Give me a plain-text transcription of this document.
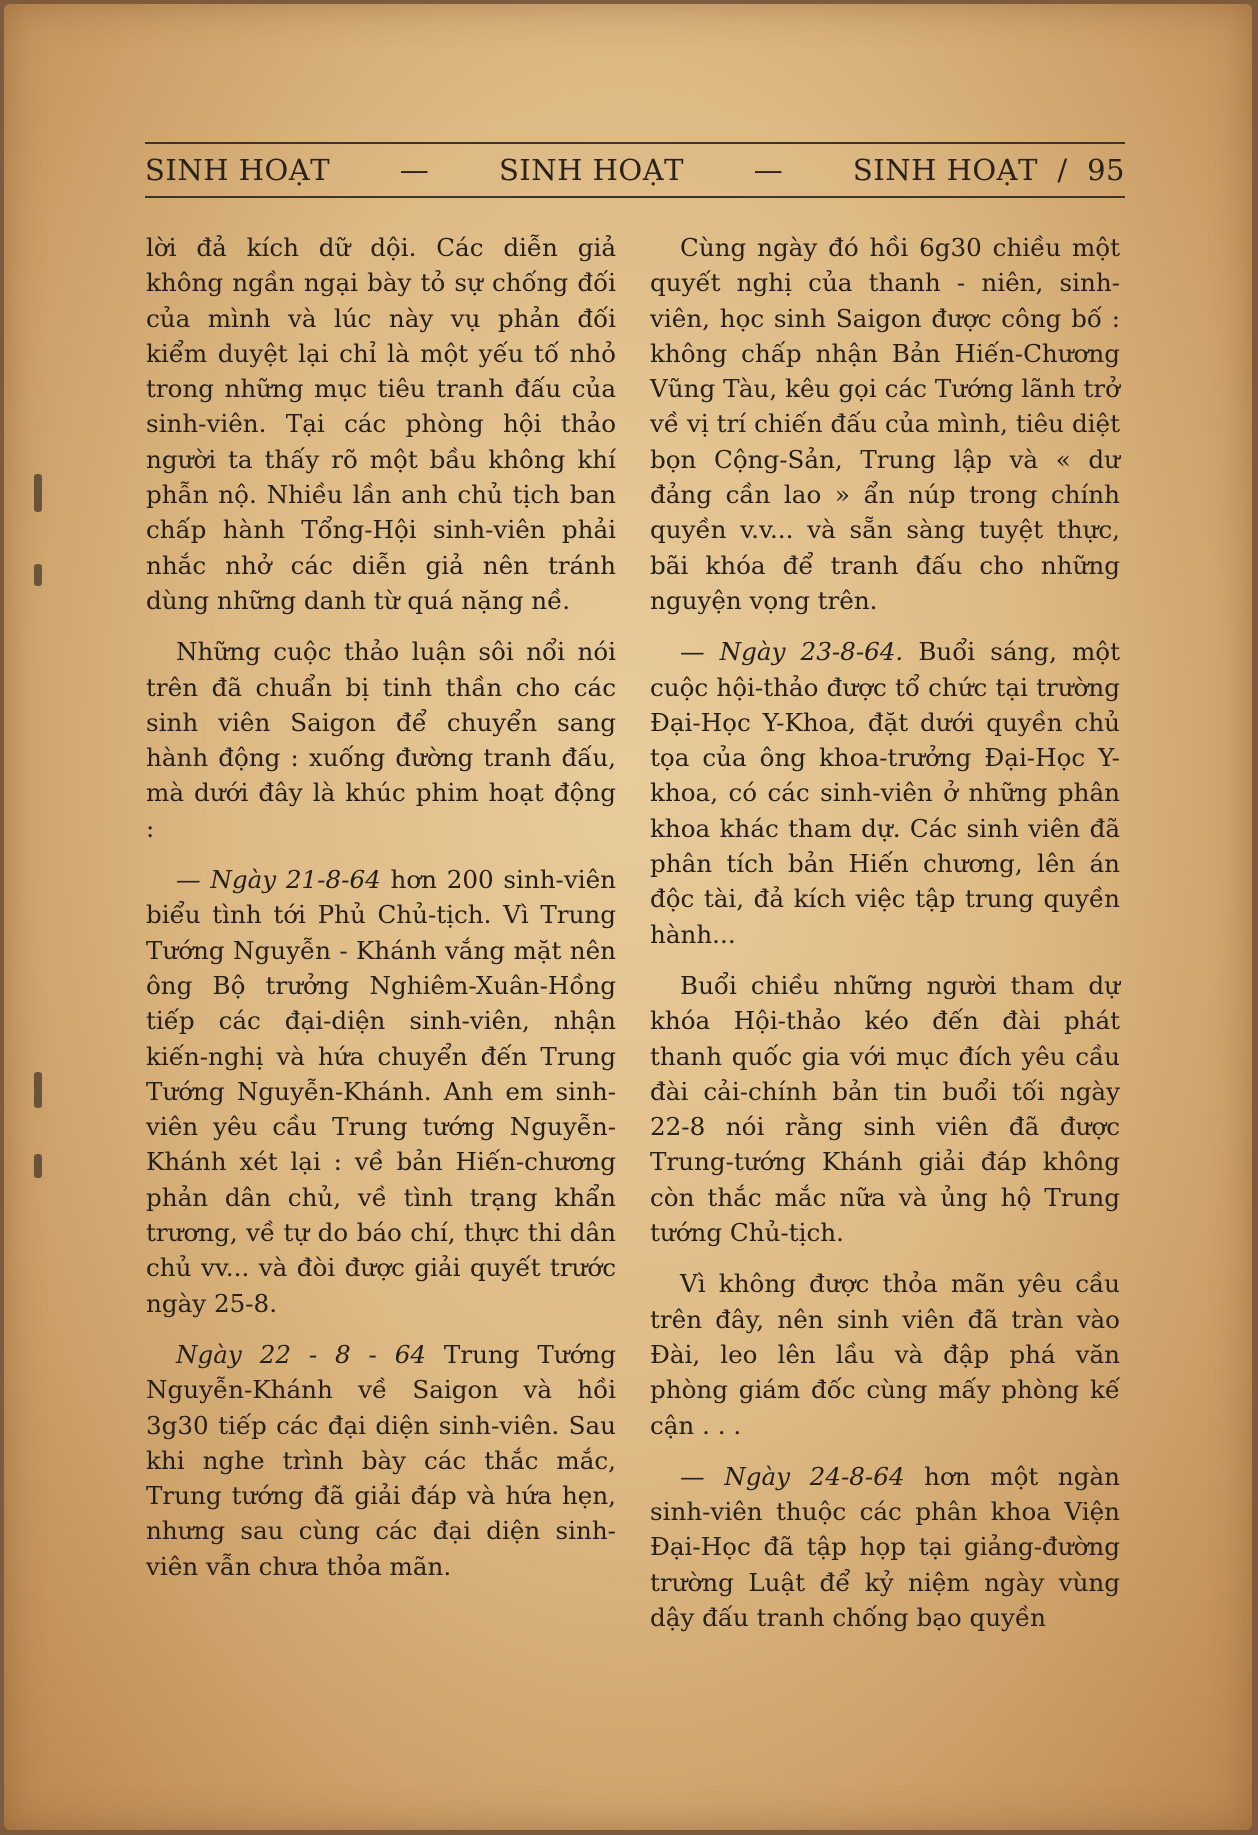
SINH HOẠT — SINH HOẠT — SINH HOẠT / 95

lời đả kích dữ dội. Các diễn giả không ngần ngại bày tỏ sự chống đối của mình và lúc này vụ phản đối kiểm duyệt lại chỉ là một yếu tố nhỏ trong những mục tiêu tranh đấu của sinh-viên. Tại các phòng hội thảo người ta thấy rõ một bầu không khí phẫn nộ. Nhiều lần anh chủ tịch ban chấp hành Tổng-Hội sinh-viên phải nhắc nhở các diễn giả nên tránh dùng những danh từ quá nặng nề.

Những cuộc thảo luận sôi nổi nói trên đã chuẩn bị tinh thần cho các sinh viên Saigon để chuyển sang hành động : xuống đường tranh đấu, mà dưới đây là khúc phim hoạt động :

— Ngày 21-8-64 hơn 200 sinh-viên biểu tình tới Phủ Chủ-tịch. Vì Trung Tướng Nguyễn - Khánh vắng mặt nên ông Bộ trưởng Nghiêm-Xuân-Hồng tiếp các đại-diện sinh-viên, nhận kiến-nghị và hứa chuyển đến Trung Tướng Nguyễn-Khánh. Anh em sinh-viên yêu cầu Trung tướng Nguyễn-Khánh xét lại : về bản Hiến-chương phản dân chủ, về tình trạng khẩn trương, về tự do báo chí, thực thi dân chủ vv... và đòi được giải quyết trước ngày 25-8.

Ngày 22 - 8 - 64 Trung Tướng Nguyễn-Khánh về Saigon và hồi 3g30 tiếp các đại diện sinh-viên. Sau khi nghe trình bày các thắc mắc, Trung tướng đã giải đáp và hứa hẹn, nhưng sau cùng các đại diện sinh-viên vẫn chưa thỏa mãn.

Cùng ngày đó hồi 6g30 chiều một quyết nghị của thanh - niên, sinh-viên, học sinh Saigon được công bố : không chấp nhận Bản Hiến-Chương Vũng Tàu, kêu gọi các Tướng lãnh trở về vị trí chiến đấu của mình, tiêu diệt bọn Cộng-Sản, Trung lập và « dư đảng cần lao » ẩn núp trong chính quyền v.v... và sẵn sàng tuyệt thực, bãi khóa để tranh đấu cho những nguyện vọng trên.

— Ngày 23-8-64. Buổi sáng, một cuộc hội-thảo được tổ chức tại trường Đại-Học Y-Khoa, đặt dưới quyền chủ tọa của ông khoa-trưởng Đại-Học Y-khoa, có các sinh-viên ở những phân khoa khác tham dự. Các sinh viên đã phân tích bản Hiến chương, lên án độc tài, đả kích việc tập trung quyền hành...

Buổi chiều những người tham dự khóa Hội-thảo kéo đến đài phát thanh quốc gia với mục đích yêu cầu đài cải-chính bản tin buổi tối ngày 22-8 nói rằng sinh viên đã được Trung-tướng Khánh giải đáp không còn thắc mắc nữa và ủng hộ Trung tướng Chủ-tịch.

Vì không được thỏa mãn yêu cầu trên đây, nên sinh viên đã tràn vào Đài, leo lên lầu và đập phá văn phòng giám đốc cùng mấy phòng kế cận . . .

— Ngày 24-8-64 hơn một ngàn sinh-viên thuộc các phân khoa Viện Đại-Học đã tập họp tại giảng-đường trường Luật để kỷ niệm ngày vùng dậy đấu tranh chống bạo quyền
